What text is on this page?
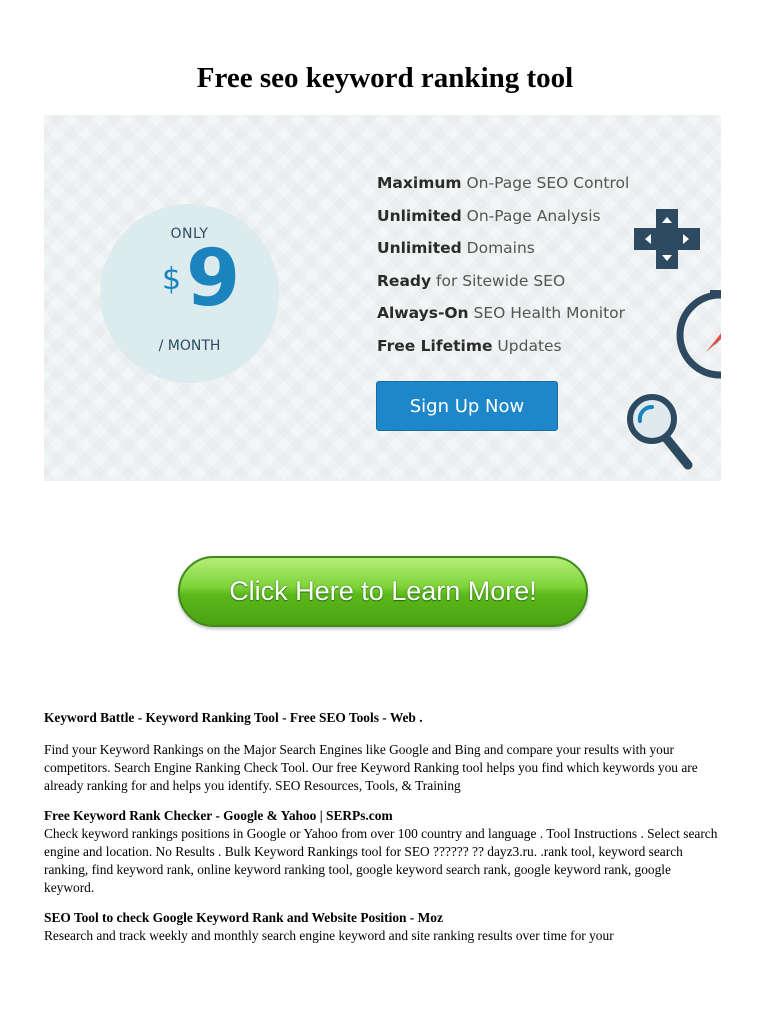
Free seo keyword ranking tool
ONLY
$ 9
/ MONTH
Maximum On-Page SEO Control
Unlimited On-Page Analysis
Unlimited Domains
Ready for Sitewide SEO
Always-On SEO Health Monitor
Free Lifetime Updates
Sign Up Now
Click Here to Learn More!
Keyword Battle - Keyword Ranking Tool - Free SEO Tools - Web .
Find your Keyword Rankings on the Major Search Engines like Google and Bing and compare your results with your competitors. Search Engine Ranking Check Tool. Our free Keyword Ranking tool helps you find which keywords you are already ranking for and helps you identify. SEO Resources, Tools, & Training
Free Keyword Rank Checker - Google & Yahoo | SERPs.com
Check keyword rankings positions in Google or Yahoo from over 100 country and language . Tool Instructions . Select search engine and location. No Results . Bulk Keyword Rankings tool for SEO ?????? ?? dayz3.ru. .rank tool, keyword search ranking, find keyword rank, online keyword ranking tool, google keyword search rank, google keyword rank, google keyword.
SEO Tool to check Google Keyword Rank and Website Position - Moz
Research and track weekly and monthly search engine keyword and site ranking results over time for your
